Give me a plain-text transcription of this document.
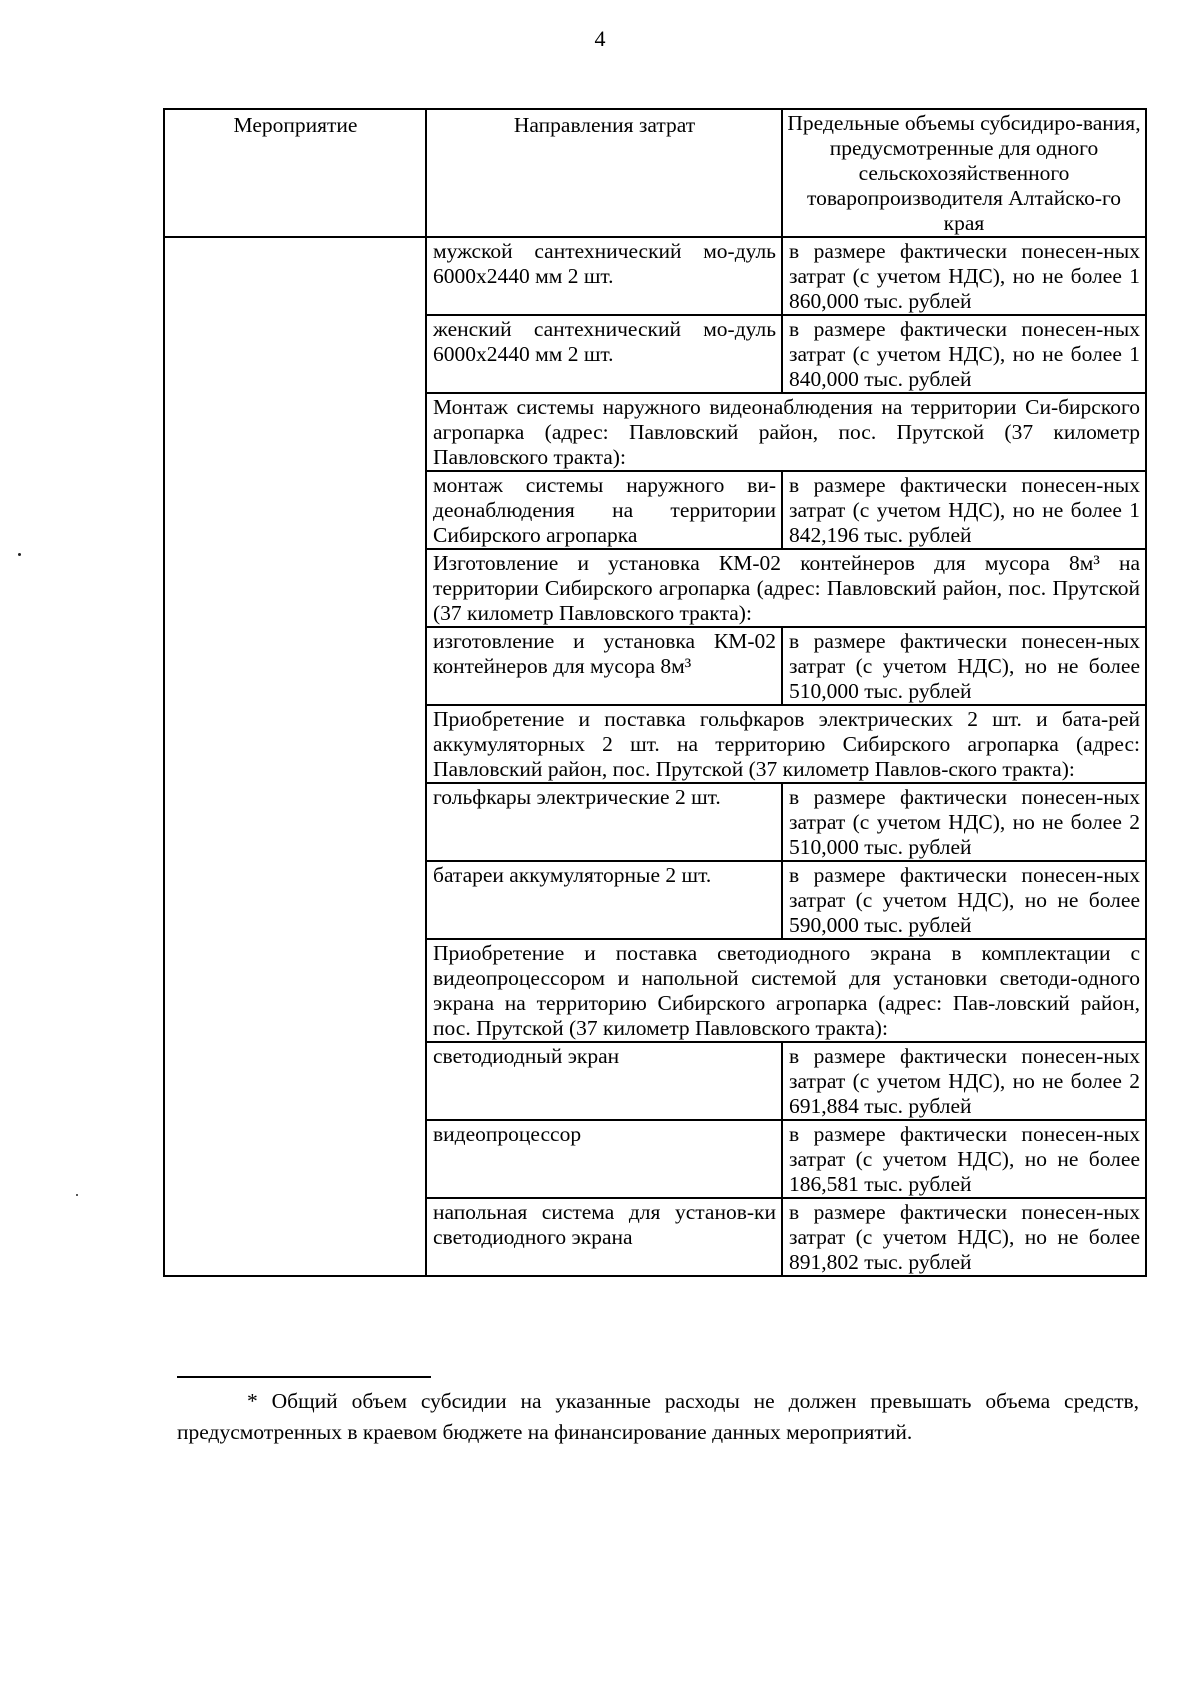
4
Мероприятие	Направления затрат	Предельные объемы субсидиро-вания, предусмотренные для одного сельскохозяйственного товаропроизводителя Алтайско-го края
	мужской сантехнический мо-дуль 6000х2440 мм 2 шт.	в размере фактически понесен-ных затрат (с учетом НДС), но не более 1 860,000 тыс. рублей
	женский сантехнический мо-дуль 6000х2440 мм 2 шт.	в размере фактически понесен-ных затрат (с учетом НДС), но не более 1 840,000 тыс. рублей
	Монтаж системы наружного видеонаблюдения на территории Си-бирского агропарка (адрес: Павловский район, пос. Прутской (37 километр Павловского тракта):	
	монтаж системы наружного ви-деонаблюдения на территории Сибирского агропарка	в размере фактически понесен-ных затрат (с учетом НДС), но не более 1 842,196 тыс. рублей
	Изготовление и установка КМ-02 контейнеров для мусора 8м³ на территории Сибирского агропарка (адрес: Павловский район, пос. Прутской (37 километр Павловского тракта):	
	изготовление и установка КМ-02 контейнеров для мусора 8м³	в размере фактически понесен-ных затрат (с учетом НДС), но не более 510,000 тыс. рублей
	Приобретение и поставка гольфкаров электрических 2 шт. и бата-рей аккумуляторных 2 шт. на территорию Сибирского агропарка (адрес: Павловский район, пос. Прутской (37 километр Павлов-ского тракта):	
	гольфкары электрические 2 шт.	в размере фактически понесен-ных затрат (с учетом НДС), но не более 2 510,000 тыс. рублей
	батареи аккумуляторные 2 шт.	в размере фактически понесен-ных затрат (с учетом НДС), но не более 590,000 тыс. рублей
	Приобретение и поставка светодиодного экрана в комплектации с видеопроцессором и напольной системой для установки светоди-одного экрана на территорию Сибирского агропарка (адрес: Пав-ловский район, пос. Прутской (37 километр Павловского тракта):	
	светодиодный экран	в размере фактически понесен-ных затрат (с учетом НДС), но не более 2 691,884 тыс. рублей
	видеопроцессор	в размере фактически понесен-ных затрат (с учетом НДС), но не более 186,581 тыс. рублей
	напольная система для установ-ки светодиодного экрана	в размере фактически понесен-ных затрат (с учетом НДС), но не более 891,802 тыс. рублей
* Общий объем субсидии на указанные расходы не должен превышать объема средств, предусмотренных в краевом бюджете на финансирование данных мероприятий.
